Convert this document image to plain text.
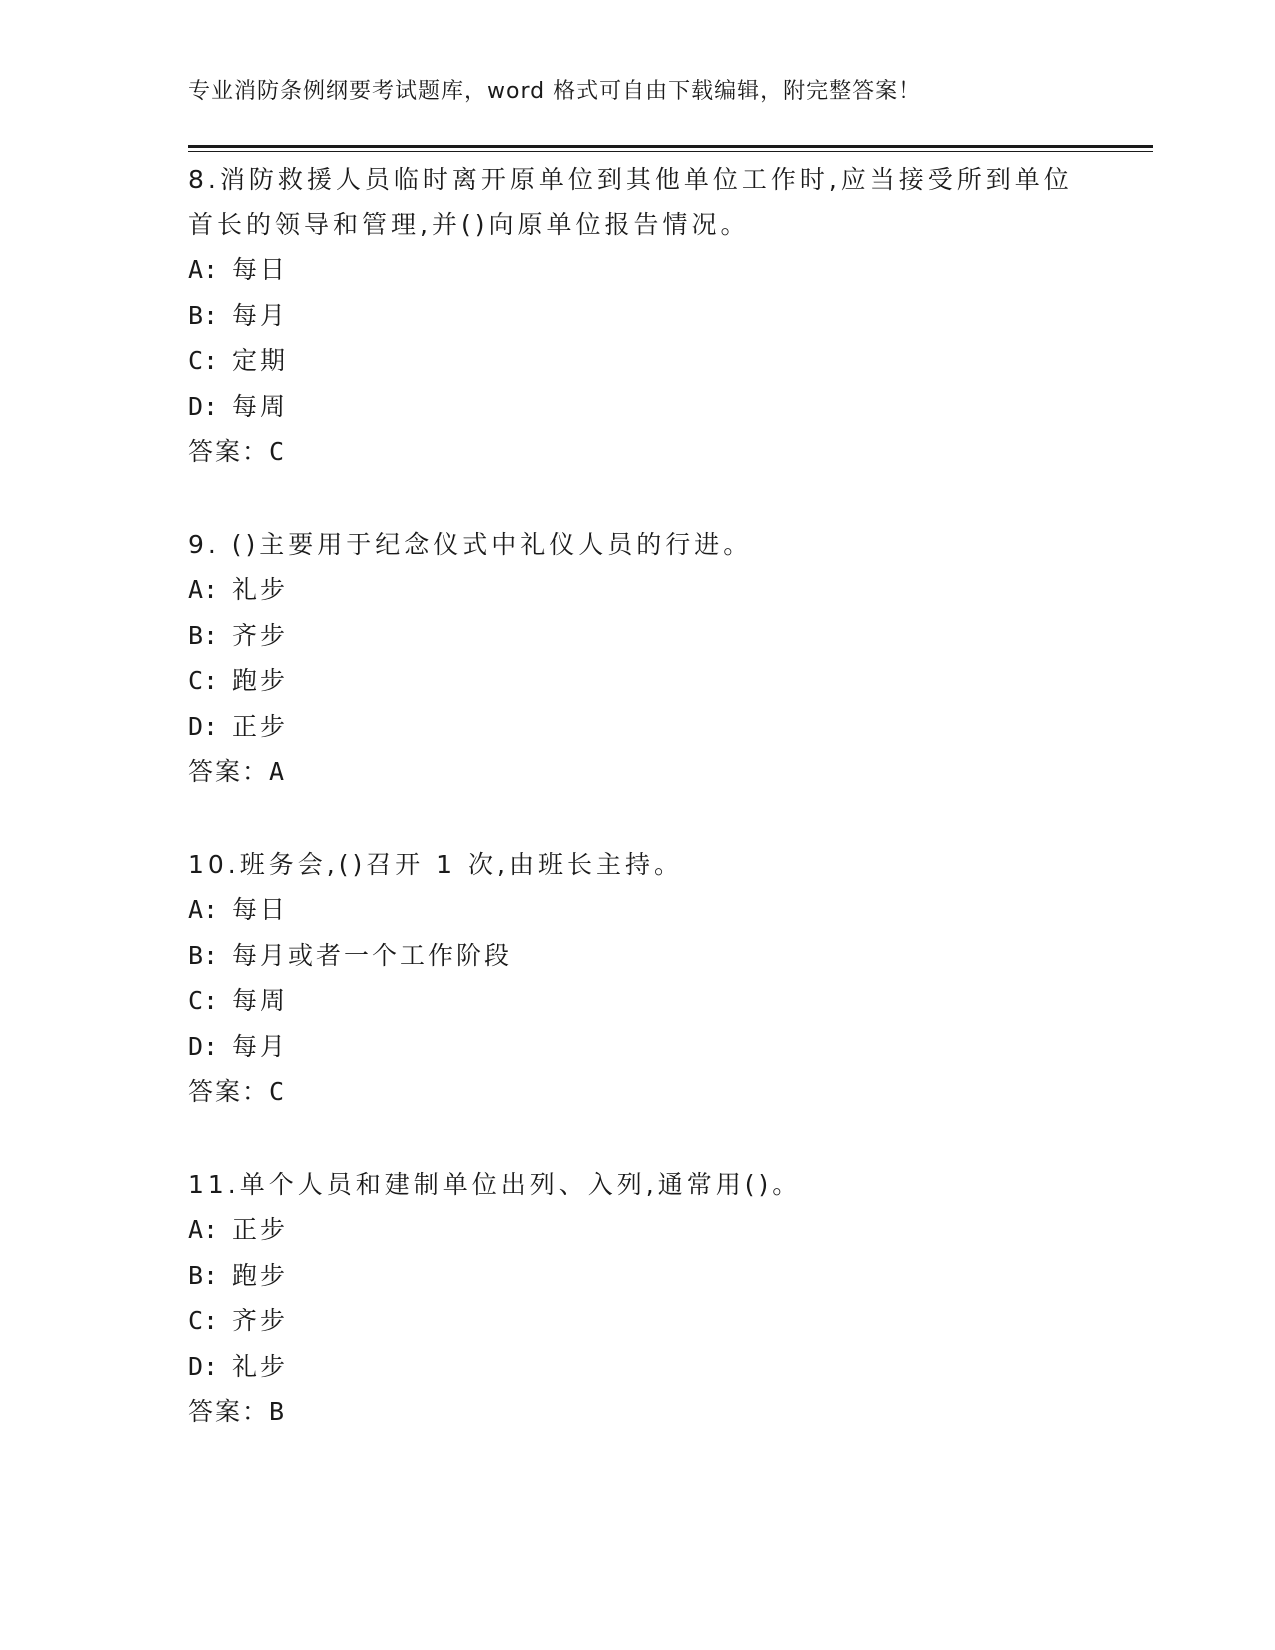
专业消防条例纲要考试题库，word 格式可自由下载编辑，附完整答案！

8.消防救援人员临时离开原单位到其他单位工作时,应当接受所到单位首长的领导和管理,并()向原单位报告情况。

A: 每日

B: 每月

C: 定期

D: 每周

答案：C

9. ()主要用于纪念仪式中礼仪人员的行进。

A: 礼步

B: 齐步

C: 跑步

D: 正步

答案：A

10.班务会,()召开 1 次,由班长主持。

A: 每日

B: 每月或者一个工作阶段

C: 每周

D: 每月

答案：C

11.单个人员和建制单位出列、入列,通常用()。

A: 正步

B: 跑步

C: 齐步

D: 礼步

答案：B
